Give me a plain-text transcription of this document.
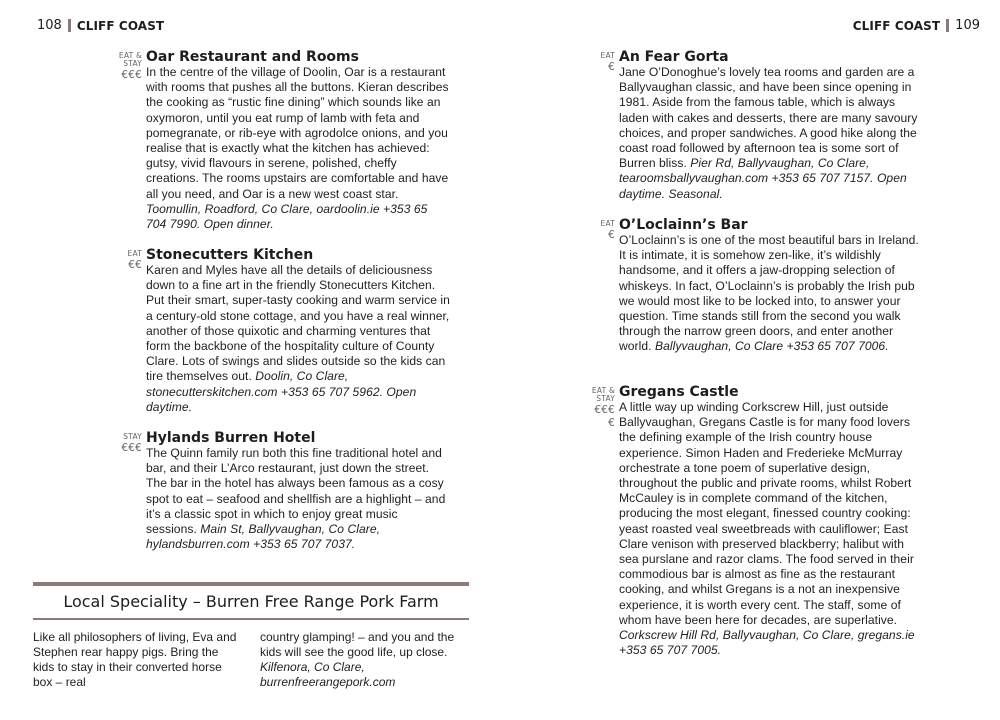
108 CLIFF COAST
EAT &
STAY
€€€
Oar Restaurant and Rooms

In the centre of the village of Doolin, Oar is a restaurant with rooms that pushes all the buttons. Kieran describes the cooking as “rustic fine dining” which sounds like an oxymoron, until you eat rump of lamb with feta and pomegranate, or rib-eye with agrodolce onions, and you realise that is exactly what the kitchen has achieved: gutsy, vivid flavours in serene, polished, cheffy creations. The rooms upstairs are comfortable and have all you need, and Oar is a new west coast star. Toomullin, Roadford, Co Clare, oardoolin.ie +353 65 704 7990. Open dinner.

EAT
€€
Stonecutters Kitchen

Karen and Myles have all the details of deliciousness down to a fine art in the friendly Stonecutters Kitchen. Put their smart, super-tasty cooking and warm service in a century-old stone cottage, and you have a real winner, another of those quixotic and charming ventures that form the backbone of the hospitality culture of County Clare. Lots of swings and slides outside so the kids can tire themselves out. Doolin, Co Clare, stonecutterskitchen.com +353 65 707 5962. Open daytime.

STAY
€€€
Hylands Burren Hotel

The Quinn family run both this fine traditional hotel and bar, and their L’Arco restaurant, just down the street. The bar in the hotel has always been famous as a cosy spot to eat – seafood and shellfish are a highlight – and it’s a classic spot in which to enjoy great music sessions. Main St, Ballyvaughan, Co Clare, hylandsburren.com +353 65 707 7037.

Local Speciality – Burren Free Range Pork Farm

Like all philosophers of living, Eva and Stephen rear happy pigs. Bring the kids to stay in their converted horse box – real

country glamping! – and you and the kids will see the good life, up close. Kilfenora, Co Clare, burrenfreerangepork.com

CLIFF COAST 109
EAT
€
An Fear Gorta

Jane O’Donoghue’s lovely tea rooms and garden are a Ballyvaughan classic, and have been since opening in 1981. Aside from the famous table, which is always laden with cakes and desserts, there are many savoury choices, and proper sandwiches. A good hike along the coast road followed by afternoon tea is some sort of Burren bliss. Pier Rd, Ballyvaughan, Co Clare, tearoomsballyvaughan.com +353 65 707 7157. Open daytime. Seasonal.

EAT
€
O’Loclainn’s Bar

O’Loclainn’s is one of the most beautiful bars in Ireland. It is intimate, it is somehow zen-like, it’s wildishly handsome, and it offers a jaw-dropping selection of whiskeys. In fact, O’Loclainn’s is probably the Irish pub we would most like to be locked into, to answer your question. Time stands still from the second you walk through the narrow green doors, and enter another world. Ballyvaughan, Co Clare +353 65 707 7006.

EAT &
STAY
€€€€
Gregans Castle

A little way up winding Corkscrew Hill, just outside Ballyvaughan, Gregans Castle is for many food lovers the defining example of the Irish country house experience. Simon Haden and Frederieke McMurray orchestrate a tone poem of superlative design, throughout the public and private rooms, whilst Robert McCauley is in complete command of the kitchen, producing the most elegant, finessed country cooking: yeast roasted veal sweetbreads with cauliflower; East Clare venison with preserved blackberry; halibut with sea purslane and razor clams. The food served in their commodious bar is almost as fine as the restaurant cooking, and whilst Gregans is a not an inexpensive experience, it is worth every cent. The staff, some of whom have been here for decades, are superlative. Corkscrew Hill Rd, Ballyvaughan, Co Clare, gregans.ie +353 65 707 7005.
